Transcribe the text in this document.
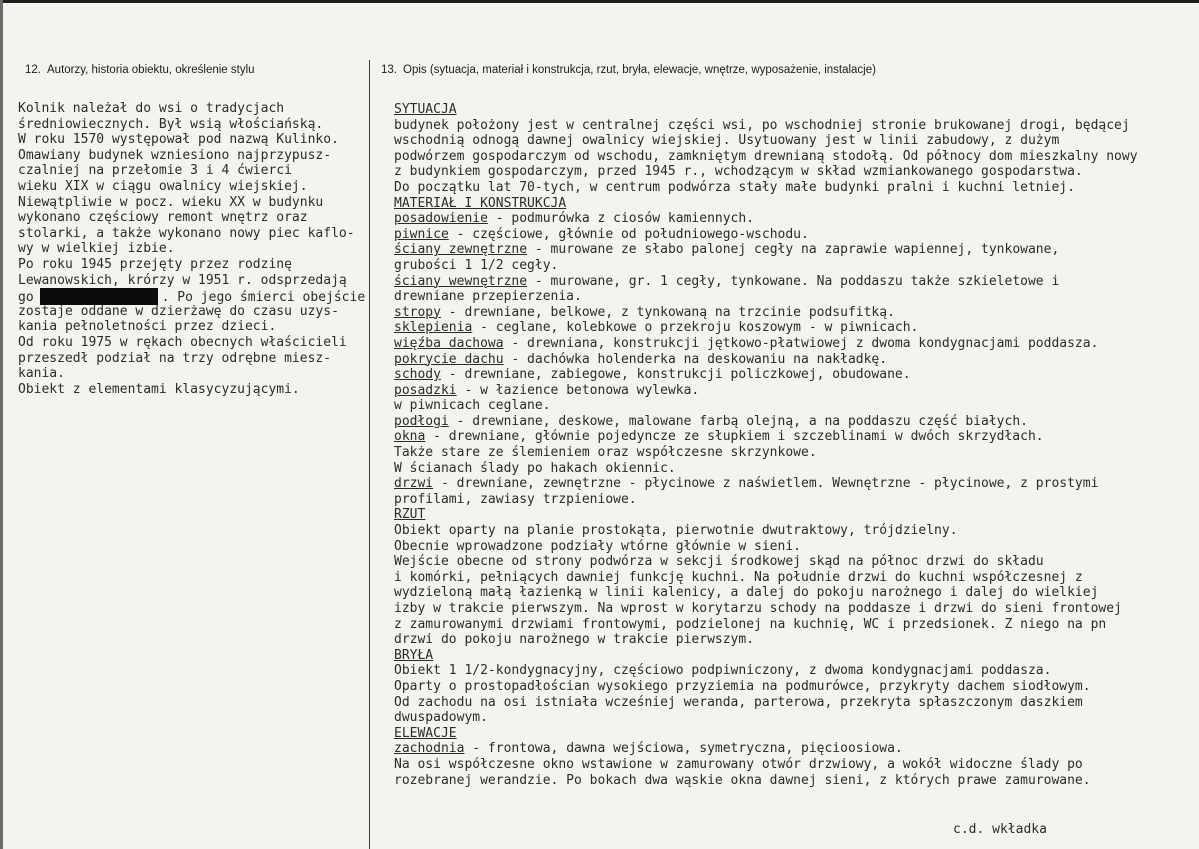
12. Autorzy, historia obiektu, określenie stylu	13. Opis (sytuacja, materiał i konstrukcja, rzut, bryła, elewacje, wnętrze, wyposażenie, instalacje)
Kolnik należał do wsi o tradycjach
średniowiecznych. Był wsią włościańską.
W roku 1570 występował pod nazwą Kulinko.
Omawiany budynek wzniesiono najprzypusz-
czalniej na przełomie 3 i 4 ćwierci
wieku XIX w ciągu owalnicy wiejskiej.
Niewątpliwie w pocz. wieku XX w budynku
wykonano częściowy remont wnętrz oraz
stolarki, a także wykonano nowy piec kaflo-
wy w wielkiej izbie.
Po roku 1945 przejęty przez rodzinę
Lewanowskich, krórzy w 1951 r. odsprzedają
go	. Po jego śmierci obejście
zostaje oddane w dzierżawę do czasu uzys-
kania pełnoletności przez dzieci.
Od roku 1975 w rękach obecnych właścicieli
przeszedł podział na trzy odrębne miesz-
kania.
Obiekt z elementami klasycyzującymi.
SYTUACJA
budynek położony jest w centralnej części wsi, po wschodniej stronie brukowanej drogi, będącej
wschodnią odnogą dawnej owalnicy wiejskiej. Usytuowany jest w linii zabudowy, z dużym
podwórzem gospodarczym od wschodu, zamkniętym drewnianą stodołą. Od północy dom mieszkalny nowy
z budynkiem gospodarczym, przed 1945 r., wchodzącym w skład wzmiankowanego gospodarstwa.
Do początku lat 70-tych, w centrum podwórza stały małe budynki pralni i kuchni letniej.
MATERIAŁ I KONSTRUKCJA
posadowienie - podmurówka z ciosów kamiennych.
piwnice - częściowe, głównie od południowego-wschodu.
ściany zewnętrzne - murowane ze słabo palonej cegły na zaprawie wapiennej, tynkowane,
grubości 1 1/2 cegły.
ściany wewnętrzne - murowane, gr. 1 cegły, tynkowane. Na poddaszu także szkieletowe i
drewniane przepierzenia.
stropy - drewniane, belkowe, z tynkowaną na trzcinie podsufitką.
sklepienia - ceglane, kolebkowe o przekroju koszowym - w piwnicach.
więźba dachowa - drewniana, konstrukcji jętkowo-płatwiowej z dwoma kondygnacjami poddasza.
pokrycie dachu - dachówka holenderka na deskowaniu na nakładkę.
schody - drewniane, zabiegowe, konstrukcji policzkowej, obudowane.
posadzki - w łazience betonowa wylewka.
w piwnicach ceglane.
podłogi - drewniane, deskowe, malowane farbą olejną, a na poddaszu część białych.
okna - drewniane, głównie pojedyncze ze słupkiem i szczeblinami w dwóch skrzydłach.
Także stare ze ślemieniem oraz współczesne skrzynkowe.
W ścianach ślady po hakach okiennic.
drzwi - drewniane, zewnętrzne - płycinowe z naświetlem. Wewnętrzne - płycinowe, z prostymi
profilami, zawiasy trzpieniowe.
RZUT
Obiekt oparty na planie prostokąta, pierwotnie dwutraktowy, trójdzielny.
Obecnie wprowadzone podziały wtórne głównie w sieni.
Wejście obecne od strony podwórza w sekcji środkowej skąd na północ drzwi do składu
i komórki, pełniących dawniej funkcję kuchni. Na południe drzwi do kuchni współczesnej z
wydzieloną małą łazienką w linii kalenicy, a dalej do pokoju narożnego i dalej do wielkiej
izby w trakcie pierwszym. Na wprost w korytarzu schody na poddasze i drzwi do sieni frontowej
z zamurowanymi drzwiami frontowymi, podzielonej na kuchnię, WC i przedsionek. Z niego na pn
drzwi do pokoju narożnego w trakcie pierwszym.
BRYŁA
Obiekt 1 1/2-kondygnacyjny, częściowo podpiwniczony, z dwoma kondygnacjami poddasza.
Oparty o prostopadłościan wysokiego przyziemia na podmurówce, przykryty dachem siodłowym.
Od zachodu na osi istniała wcześniej weranda, parterowa, przekryta spłaszczonym daszkiem
dwuspadowym.
ELEWACJE
zachodnia - frontowa, dawna wejściowa, symetryczna, pięcioosiowa.
Na osi współczesne okno wstawione w zamurowany otwór drzwiowy, a wokół widoczne ślady po
rozebranej werandzie. Po bokach dwa wąskie okna dawnej sieni, z których prawe zamurowane.
c.d. wkładka
